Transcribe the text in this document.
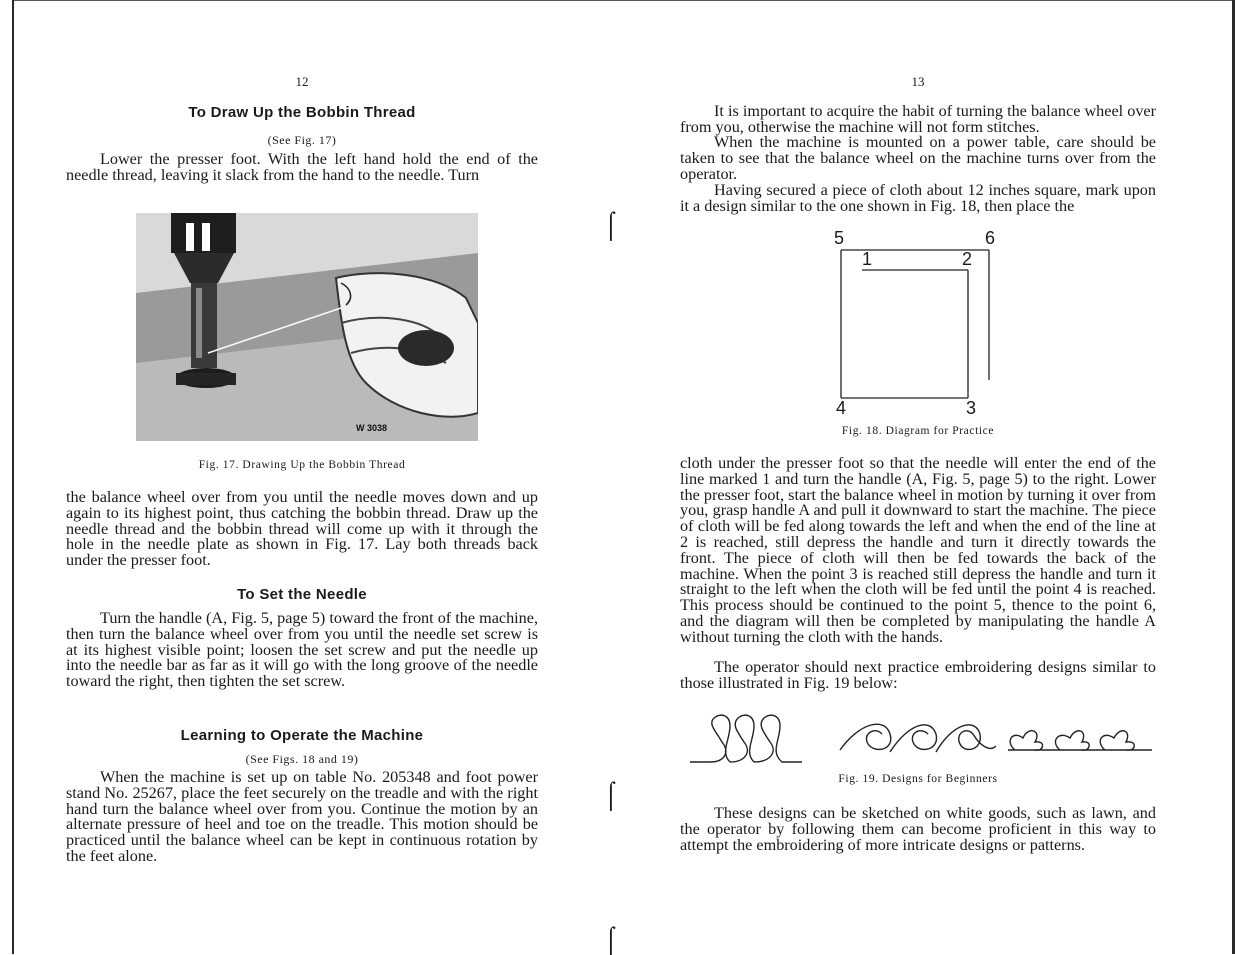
12
To Draw Up the Bobbin Thread
(See Fig. 17)

Lower the presser foot. With the left hand hold the end of the needle thread, leaving it slack from the hand to the needle. Turn

W 3038
Fig. 17. Drawing Up the Bobbin Thread

the balance wheel over from you until the needle moves down and up again to its highest point, thus catching the bobbin thread. Draw up the needle thread and the bobbin thread will come up with it through the hole in the needle plate as shown in Fig. 17. Lay both threads back under the presser foot.

To Set the Needle

Turn the handle (A, Fig. 5, page 5) toward the front of the machine, then turn the balance wheel over from you until the needle set screw is at its highest visible point; loosen the set screw and put the needle up into the needle bar as far as it will go with the long groove of the needle toward the right, then tighten the set screw.

Learning to Operate the Machine
(See Figs. 18 and 19)

When the machine is set up on table No. 205348 and foot power stand No. 25267, place the feet securely on the treadle and with the right hand turn the balance wheel over from you. Continue the motion by an alternate pressure of heel and toe on the treadle. This motion should be practiced until the balance wheel can be kept in continuous rotation by the feet alone.

⌠
⌠
⌠
13

It is important to acquire the habit of turning the balance wheel over from you, otherwise the machine will not form stitches.

When the machine is mounted on a power table, care should be taken to see that the balance wheel on the machine turns over from the operator.

Having secured a piece of cloth about 12 inches square, mark upon it a design similar to the one shown in Fig. 18, then place the

1	2
3
4
5	6
Fig. 18. Diagram for Practice

cloth under the presser foot so that the needle will enter the end of the line marked 1 and turn the handle (A, Fig. 5, page 5) to the right. Lower the presser foot, start the balance wheel in motion by turning it over from you, grasp handle A and pull it downward to start the machine. The piece of cloth will be fed along towards the left and when the end of the line at 2 is reached, still depress the handle and turn it directly towards the front. The piece of cloth will then be fed towards the back of the machine. When the point 3 is reached still depress the handle and turn it straight to the left when the cloth will be fed until the point 4 is reached. This process should be continued to the point 5, thence to the point 6, and the diagram will then be completed by manipulating the handle A without turning the cloth with the hands.

The operator should next practice embroidering designs similar to those illustrated in Fig. 19 below:

Fig. 19. Designs for Beginners

These designs can be sketched on white goods, such as lawn, and the operator by following them can become proficient in this way to attempt the embroidering of more intricate designs or patterns.
